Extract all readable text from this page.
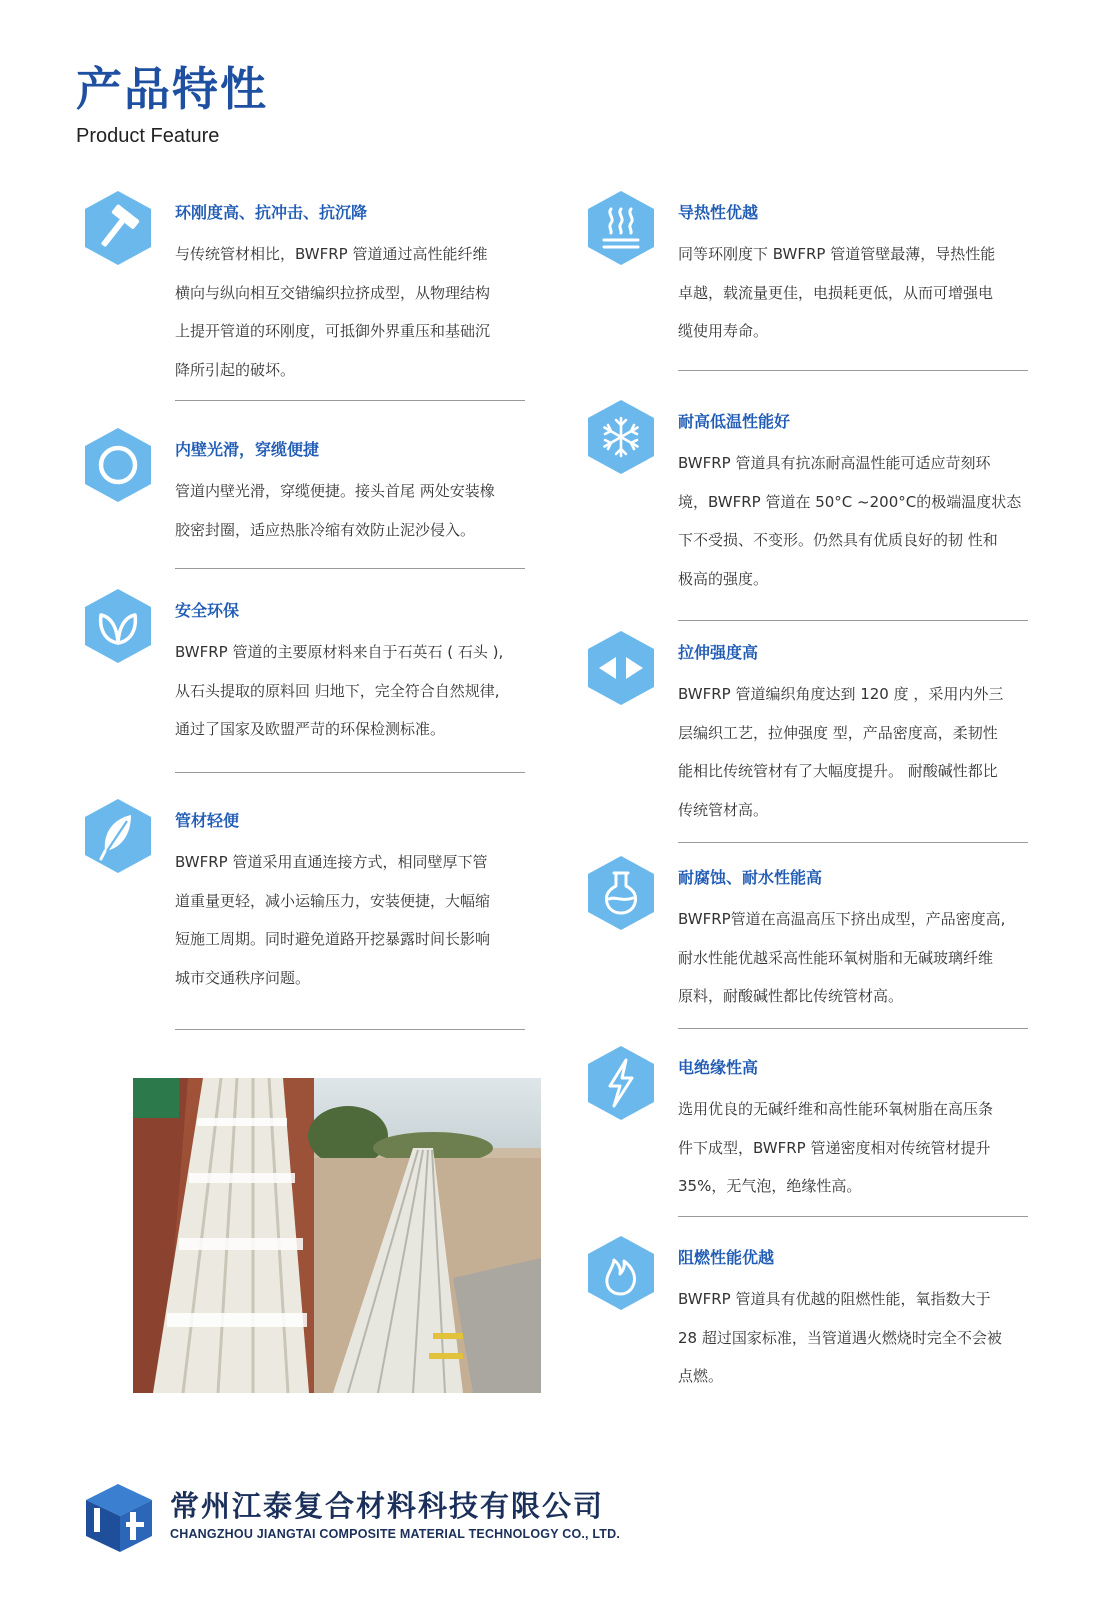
产品特性
Product Feature
环刚度高、抗冲击、抗沉降
与传统管材相比，BWFRP 管道通过高性能纤维
横向与纵向相互交错编织拉挤成型，从物理结构
上提开管道的环刚度，可抵御外界重压和基础沉
降所引起的破坏。
内壁光滑，穿缆便捷
管道内壁光滑，穿缆便捷。接头首尾 两处安装橡
胶密封圈，适应热胀冷缩有效防止泥沙侵入。
安全环保
BWFRP 管道的主要原材料来自于石英石 ( 石头 ),
从石头提取的原料回 归地下，完全符合自然规律,
通过了国家及欧盟严苛的环保检测标准。
管材轻便
BWFRP 管道采用直通连接方式，相同壁厚下管
道重量更轻，减小运输压力，安装便捷，大幅缩
短施工周期。同时避免道路开挖暴露时间长影响
城市交通秩序问题。
导热性优越
同等环刚度下 BWFRP 管道管壁最薄，导热性能
卓越，载流量更佳，电损耗更低，从而可增强电
缆使用寿命。
耐高低温性能好
BWFRP 管道具有抗冻耐高温性能可适应苛刻环
境，BWFRP 管道在 50°C ~200°C的极端温度状态
下不受损、不变形。仍然具有优质良好的韧 性和
极高的强度。
拉伸强度高
BWFRP 管道编织角度达到 120 度 ，采用内外三
层编织工艺，拉伸强度 型，产品密度高，柔韧性
能相比传统管材有了大幅度提升。 耐酸碱性都比
传统管材高。
耐腐蚀、耐水性能高
BWFRP管道在高温高压下挤出成型，产品密度高,
耐水性能优越采高性能环氧树脂和无碱玻璃纤维
原料，耐酸碱性都比传统管材高。
电绝缘性高
选用优良的无碱纤维和高性能环氧树脂在高压条
件下成型，BWFRP 管递密度相对传统管材提升
35%，无气泡，绝缘性高。
阻燃性能优越
BWFRP 管道具有优越的阻燃性能，氧指数大于
28 超过国家标准，当管道遇火燃烧时完全不会被
点燃。
常州江泰复合材料科技有限公司
CHANGZHOU JIANGTAI COMPOSITE MATERIAL TECHNOLOGY CO., LTD.
